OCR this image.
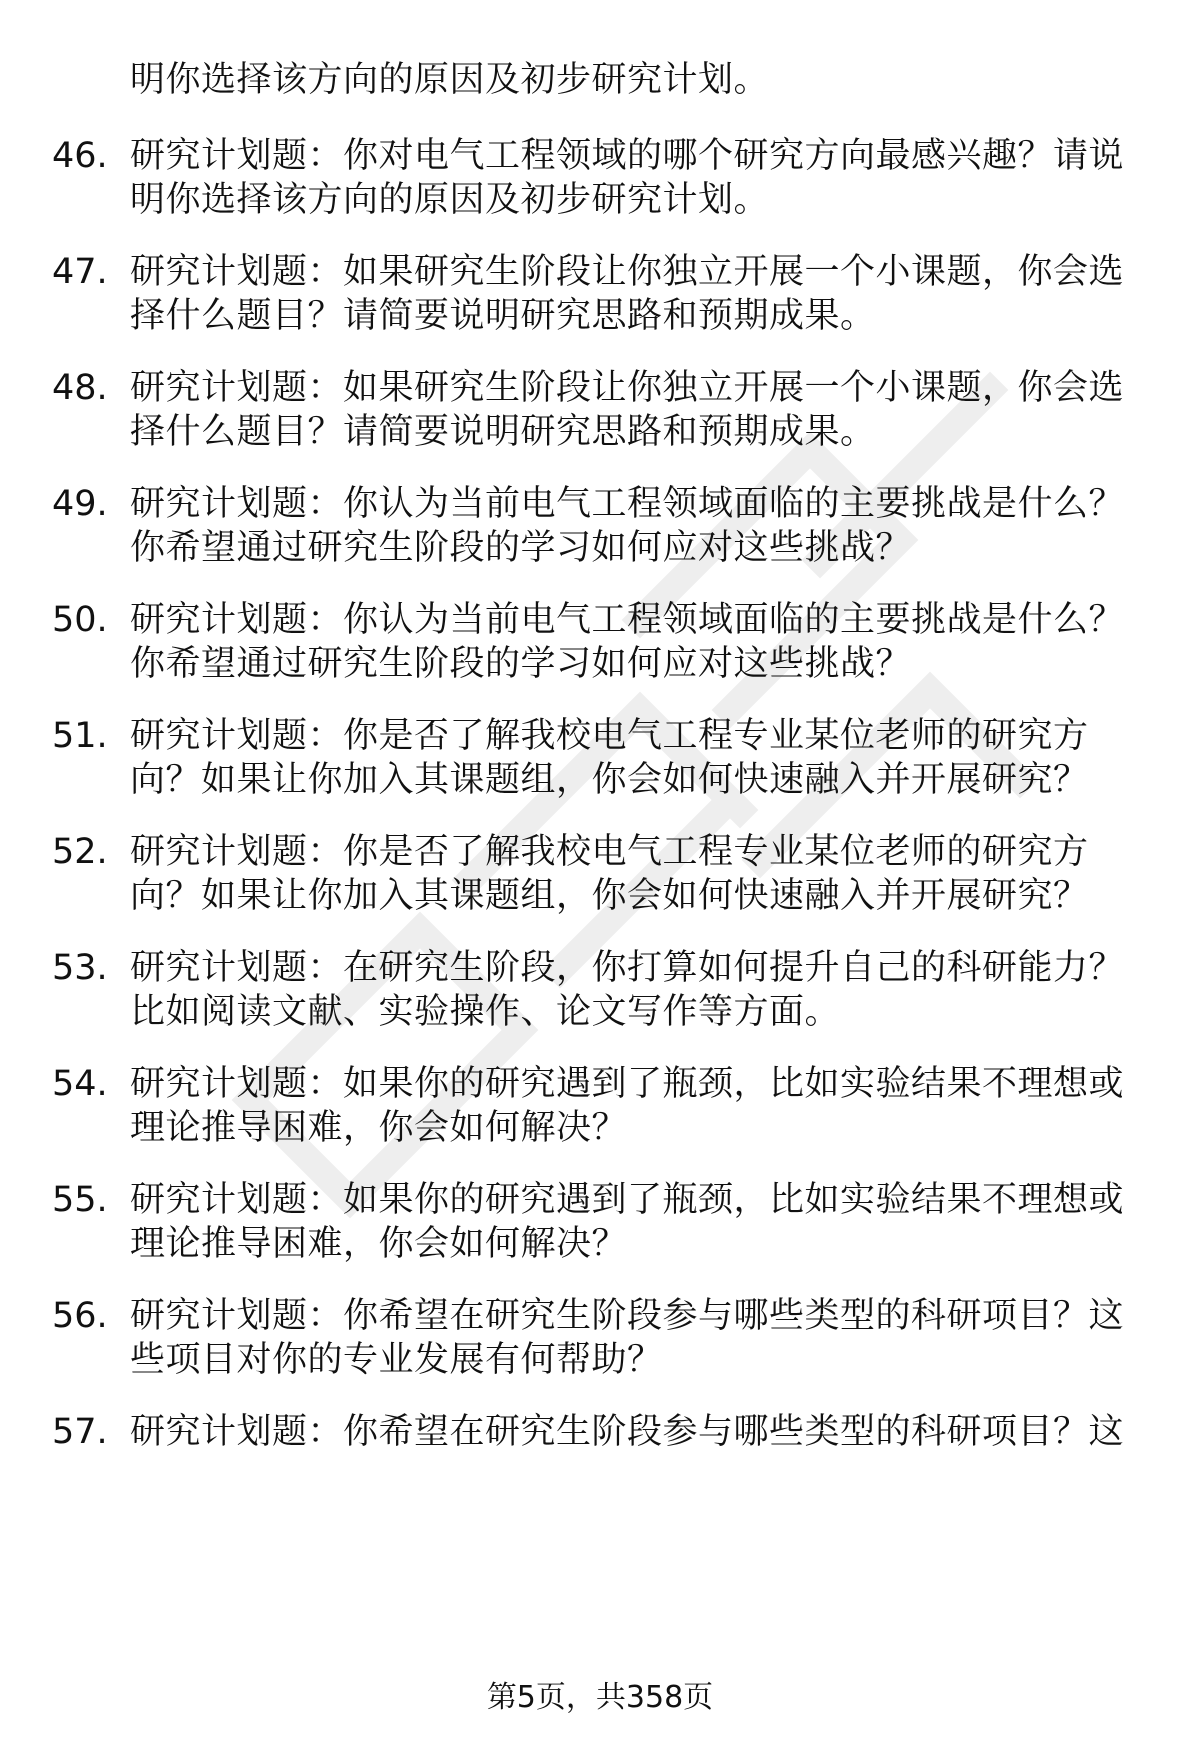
明你选择该方向的原因及初步研究计划。
46. 研究计划题：你对电气工程领域的哪个研究方向最感兴趣？请说
明你选择该方向的原因及初步研究计划。
47. 研究计划题：如果研究生阶段让你独立开展一个小课题，你会选
择什么题目？请简要说明研究思路和预期成果。
48. 研究计划题：如果研究生阶段让你独立开展一个小课题，你会选
择什么题目？请简要说明研究思路和预期成果。
49. 研究计划题：你认为当前电气工程领域面临的主要挑战是什么？
你希望通过研究生阶段的学习如何应对这些挑战？
50. 研究计划题：你认为当前电气工程领域面临的主要挑战是什么？
你希望通过研究生阶段的学习如何应对这些挑战？
51. 研究计划题：你是否了解我校电气工程专业某位老师的研究方
向？如果让你加入其课题组，你会如何快速融入并开展研究？
52. 研究计划题：你是否了解我校电气工程专业某位老师的研究方
向？如果让你加入其课题组，你会如何快速融入并开展研究？
53. 研究计划题：在研究生阶段，你打算如何提升自己的科研能力？
比如阅读文献、实验操作、论文写作等方面。
54. 研究计划题：如果你的研究遇到了瓶颈，比如实验结果不理想或
理论推导困难，你会如何解决？
55. 研究计划题：如果你的研究遇到了瓶颈，比如实验结果不理想或
理论推导困难，你会如何解决？
56. 研究计划题：你希望在研究生阶段参与哪些类型的科研项目？这
些项目对你的专业发展有何帮助？
57. 研究计划题：你希望在研究生阶段参与哪些类型的科研项目？这
第5页，共358页
